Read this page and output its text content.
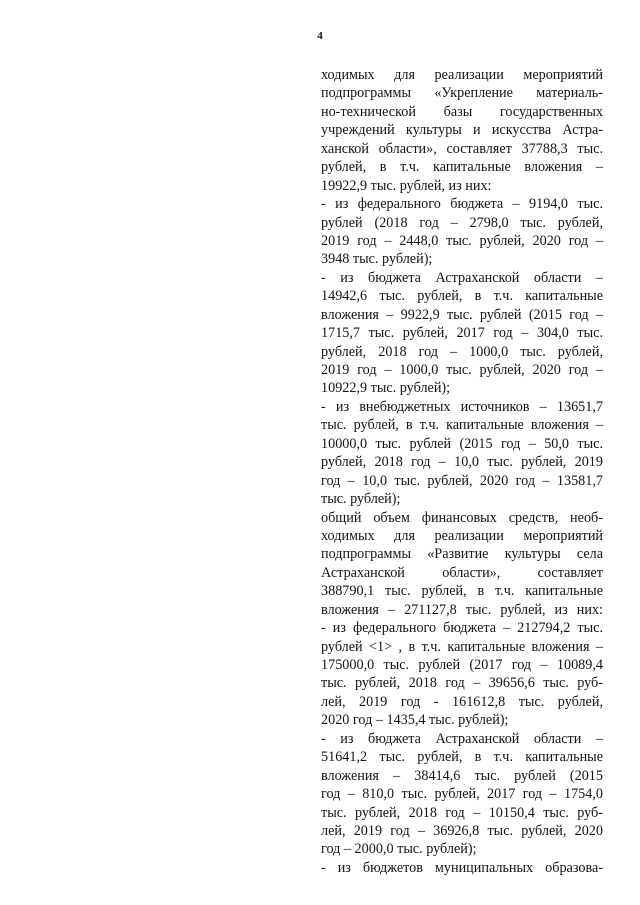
4
ходимых для реализации мероприятий
подпрограммы «Укрепление материаль-
но-технической базы государственных
учреждений культуры и искусства Астра-
ханской области», составляет 37788,3 тыс.
рублей, в т.ч. капитальные вложения –
19922,9 тыс. рублей, из них:
- из федерального бюджета – 9194,0 тыс.
рублей (2018 год – 2798,0 тыс. рублей,
2019 год – 2448,0 тыс. рублей, 2020 год –
3948 тыс. рублей);
- из бюджета Астраханской области –
14942,6 тыс. рублей, в т.ч. капитальные
вложения – 9922,9 тыс. рублей (2015 год –
1715,7 тыс. рублей, 2017 год – 304,0 тыс.
рублей, 2018 год – 1000,0 тыс. рублей,
2019 год – 1000,0 тыс. рублей, 2020 год –
10922,9 тыс. рублей);
- из внебюджетных источников – 13651,7
тыс. рублей, в т.ч. капитальные вложения –
10000,0 тыс. рублей (2015 год – 50,0 тыс.
рублей, 2018 год – 10,0 тыс. рублей, 2019
год – 10,0 тыс. рублей, 2020 год – 13581,7
тыс. рублей);
общий объем финансовых средств, необ-
ходимых для реализации мероприятий
подпрограммы «Развитие культуры села
Астраханской области», составляет
388790,1 тыс. рублей, в т.ч. капитальные
вложения – 271127,8 тыс. рублей, из них:
- из федерального бюджета – 212794,2 тыс.
рублей <1> , в т.ч. капитальные вложения –
175000,0 тыс. рублей (2017 год – 10089,4
тыс. рублей, 2018 год – 39656,6 тыс. руб-
лей, 2019 год - 161612,8 тыс. рублей,
2020 год – 1435,4 тыс. рублей);
- из бюджета Астраханской области –
51641,2 тыс. рублей, в т.ч. капитальные
вложения – 38414,6 тыс. рублей (2015
год – 810,0 тыс. рублей, 2017 год – 1754,0
тыс. рублей, 2018 год – 10150,4 тыс. руб-
лей, 2019 год – 36926,8 тыс. рублей, 2020
год – 2000,0 тыс. рублей);
- из бюджетов муниципальных образова-
